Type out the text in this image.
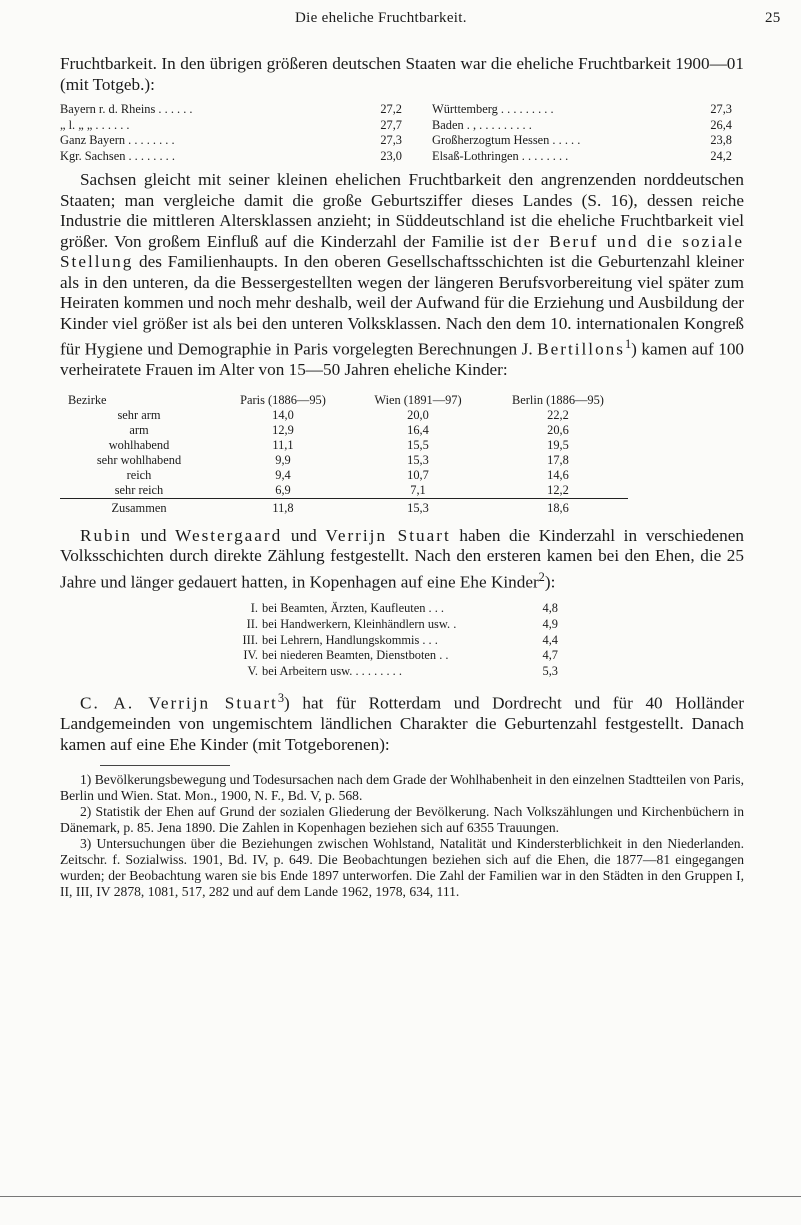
Die eheliche Fruchtbarkeit.	25

Fruchtbarkeit. In den übrigen größeren deutschen Staaten war die eheliche Fruchtbarkeit 1900—01 (mit Totgeb.):

Bayern r. d. Rheins . . . . . .	27,2
„ l. „ „ . . . . . .	27,7
Ganz Bayern . . . . . . . .	27,3
Kgr. Sachsen . . . . . . . .	23,0
Württemberg . . . . . . . . .	27,3
Baden . , . . . . . . . . .	26,4
Großherzogtum Hessen . . . . .	23,8
Elsaß-Lothringen . . . . . . . .	24,2

Sachsen gleicht mit seiner kleinen ehelichen Fruchtbarkeit den angrenzenden norddeutschen Staaten; man vergleiche damit die große Geburtsziffer dieses Landes (S. 16), dessen reiche Industrie die mittleren Altersklassen anzieht; in Süddeutschland ist die eheliche Fruchtbarkeit viel größer. Von großem Einfluß auf die Kinderzahl der Familie ist der Beruf und die soziale Stellung des Familienhaupts. In den oberen Gesellschaftsschichten ist die Geburtenzahl kleiner als in den unteren, da die Bessergestellten wegen der längeren Berufsvorbereitung viel später zum Heiraten kommen und noch mehr deshalb, weil der Aufwand für die Erziehung und Ausbildung der Kinder viel größer ist als bei den unteren Volksklassen. Nach den dem 10. internationalen Kongreß für Hygiene und Demographie in Paris vorgelegten Berechnungen J. Bertillons$^1$) kamen auf 100 verheiratete Frauen im Alter von 15—50 Jahren eheliche Kinder:

Bezirke	Paris (1886—95)	Wien (1891—97)	Berlin (1886—95)
sehr arm	14,0	20,0	22,2
arm	12,9	16,4	20,6
wohlhabend	11,1	15,5	19,5
sehr wohlhabend	9,9	15,3	17,8
reich	9,4	10,7	14,6
sehr reich	6,9	7,1	12,2
Zusammen	11,8	15,3	18,6

Rubin und Westergaard und Verrijn Stuart haben die Kinderzahl in verschiedenen Volksschichten durch direkte Zählung festgestellt. Nach den ersteren kamen bei den Ehen, die 25 Jahre und länger gedauert hatten, in Kopenhagen auf eine Ehe Kinder$^2$):

I. bei Beamten, Ärzten, Kaufleuten . . .	4,8
II. bei Handwerkern, Kleinhändlern usw. .	4,9
III. bei Lehrern, Handlungskommis . . .	4,4
IV. bei niederen Beamten, Dienstboten . .	4,7
V. bei Arbeitern usw. . . . . . . . .	5,3

C. A. Verrijn Stuart$^3$) hat für Rotterdam und Dordrecht und für 40 Holländer Landgemeinden von ungemischtem ländlichen Charakter die Geburtenzahl festgestellt. Danach kamen auf eine Ehe Kinder (mit Totgeborenen):

1) Bevölkerungsbewegung und Todesursachen nach dem Grade der Wohlhabenheit in den einzelnen Stadtteilen von Paris, Berlin und Wien. Stat. Mon., 1900, N. F., Bd. V, p. 568.

2) Statistik der Ehen auf Grund der sozialen Gliederung der Bevölkerung. Nach Volkszählungen und Kirchenbüchern in Dänemark, p. 85. Jena 1890. Die Zahlen in Kopenhagen beziehen sich auf 6355 Trauungen.

3) Untersuchungen über die Beziehungen zwischen Wohlstand, Natalität und Kindersterblichkeit in den Niederlanden. Zeitschr. f. Sozialwiss. 1901, Bd. IV, p. 649. Die Beobachtungen beziehen sich auf die Ehen, die 1877—81 eingegangen wurden; der Beobachtung waren sie bis Ende 1897 unterworfen. Die Zahl der Familien war in den Städten in den Gruppen I, II, III, IV 2878, 1081, 517, 282 und auf dem Lande 1962, 1978, 634, 111.
